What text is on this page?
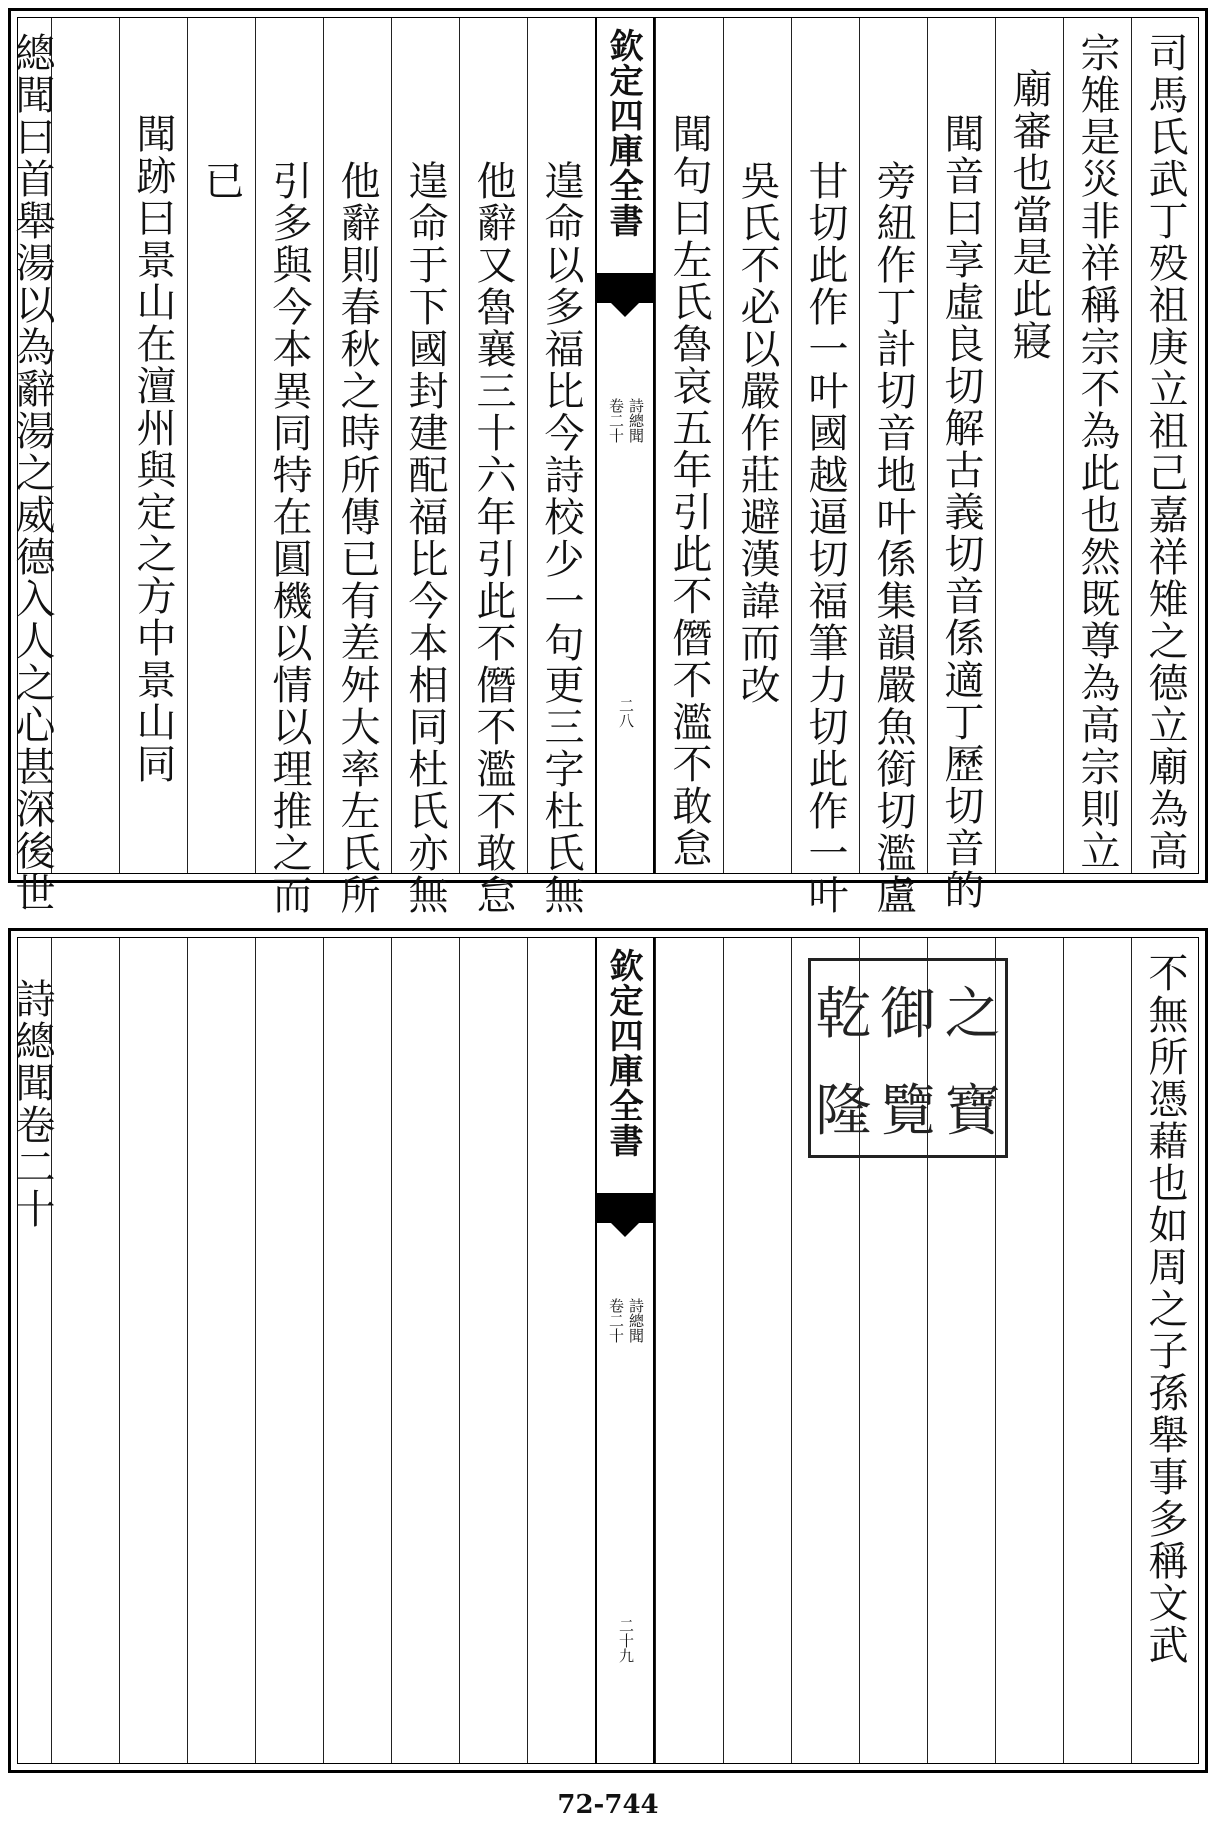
司馬氏武丁殁祖庚立祖己嘉祥雉之德立廟為高
宗雉是災非祥稱宗不為此也然既尊為高宗則立
廟審也當是此寢
聞音曰享虛良切解古義切音係適丁歷切音的
旁紐作丁計切音地叶係集韻嚴魚銜切濫盧
甘切此作一叶國越逼切福筆力切此作一叶
吳氏不必以嚴作莊避漢諱而改
聞句曰左氏魯哀五年引此不僭不濫不敢怠
欽定四庫全書
詩總聞
卷二十
二八
遑命以多福比今詩校少一句更三字杜氏無
他辭又魯襄三十六年引此不僭不濫不敢怠
遑命于下國封建配福比今本相同杜氏亦無
他辭則春秋之時所傳已有差舛大率左氏所
引多與今本異同特在圓機以情以理推之而
已
聞跡曰景山在澶州與定之方中景山同
總聞曰首舉湯以為辭湯之威德入人之心甚深後世
不無所憑藉也如周之子孫舉事多稱文武
乾 御 之
隆 覽 寶
欽定四庫全書
詩總聞
卷二十
二十九
詩總聞卷二十
72-744
